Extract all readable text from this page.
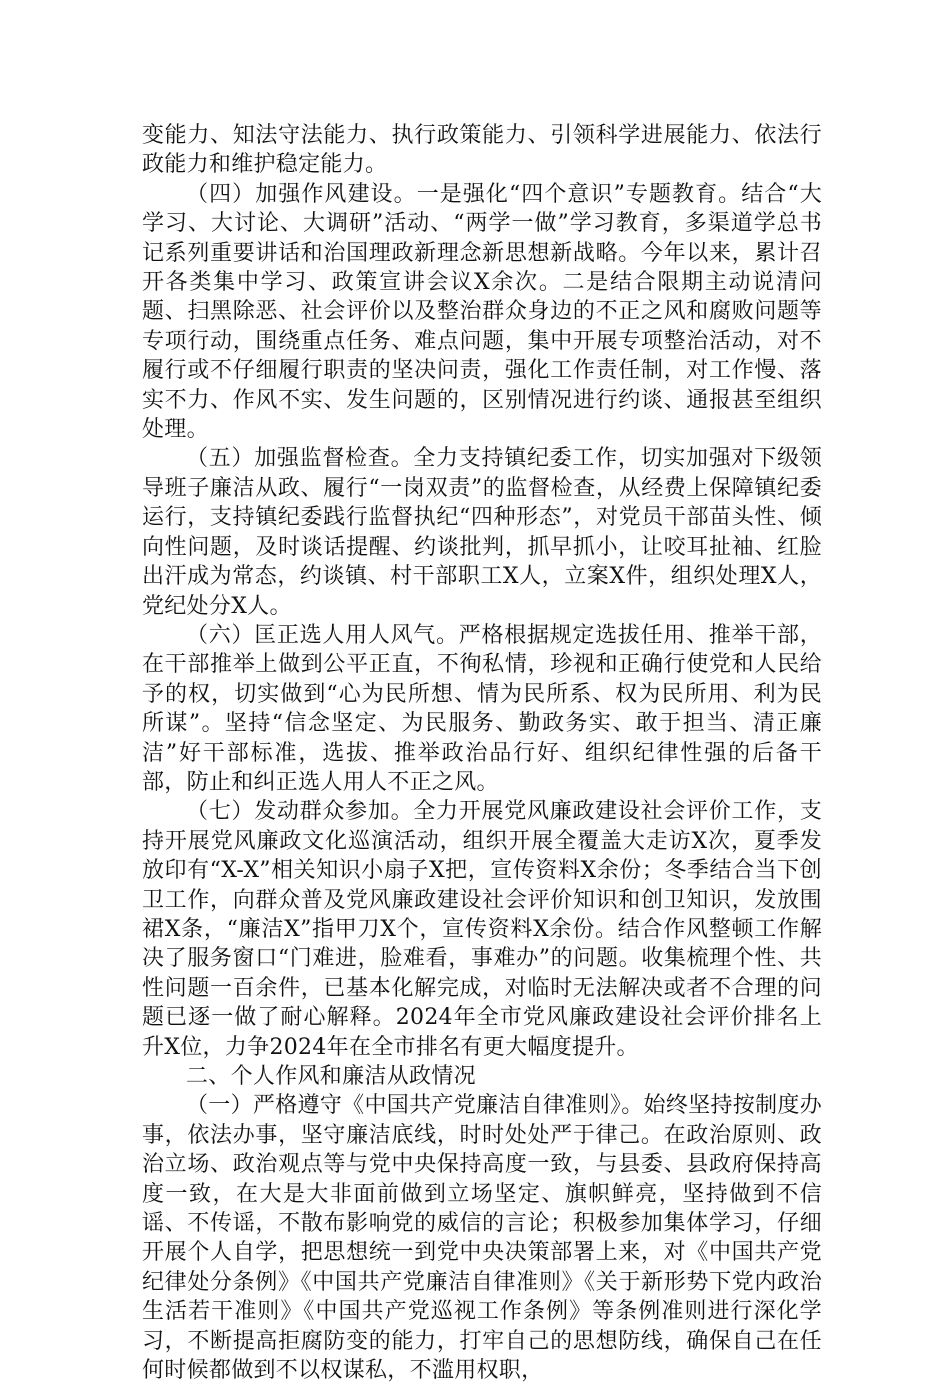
变能力、知法守法能力、执行政策能力、引领科学进展能力、依法行政能力和维护稳定能力。

（四）加强作风建设。一是强化“四个意识”专题教育。结合“大学习、大讨论、大调研”活动、“两学一做”学习教育，多渠道学总书记系列重要讲话和治国理政新理念新思想新战略。今年以来，累计召开各类集中学习、政策宣讲会议X余次。二是结合限期主动说清问题、扫黑除恶、社会评价以及整治群众身边的不正之风和腐败问题等专项行动，围绕重点任务、难点问题，集中开展专项整治活动，对不履行或不仔细履行职责的坚决问责，强化工作责任制，对工作慢、落实不力、作风不实、发生问题的，区别情况进行约谈、通报甚至组织处理。

（五）加强监督检查。全力支持镇纪委工作，切实加强对下级领导班子廉洁从政、履行“一岗双责”的监督检查，从经费上保障镇纪委运行，支持镇纪委践行监督执纪“四种形态”，对党员干部苗头性、倾向性问题，及时谈话提醒、约谈批判，抓早抓小，让咬耳扯袖、红脸出汗成为常态，约谈镇、村干部职工X人，立案X件，组织处理X人，党纪处分X人。

（六）匡正选人用人风气。严格根据规定选拔任用、推举干部，在干部推举上做到公平正直，不徇私情，珍视和正确行使党和人民给予的权，切实做到“心为民所想、情为民所系、权为民所用、利为民所谋”。坚持“信念坚定、为民服务、勤政务实、敢于担当、清正廉洁”好干部标准，选拔、推举政治品行好、组织纪律性强的后备干部，防止和纠正选人用人不正之风。

（七）发动群众参加。全力开展党风廉政建设社会评价工作，支持开展党风廉政文化巡演活动，组织开展全覆盖大走访X次，夏季发放印有“X-X”相关知识小扇子X把，宣传资料X余份；冬季结合当下创卫工作，向群众普及党风廉政建设社会评价知识和创卫知识，发放围裙X条，“廉洁X”指甲刀X个，宣传资料X余份。结合作风整顿工作解决了服务窗口“门难进，脸难看，事难办”的问题。收集梳理个性、共性问题一百余件，已基本化解完成，对临时无法解决或者不合理的问题已逐一做了耐心解释。2024年全市党风廉政建设社会评价排名上升X位，力争2024年在全市排名有更大幅度提升。

二、个人作风和廉洁从政情况

（一）严格遵守《中国共产党廉洁自律准则》。始终坚持按制度办事，依法办事，坚守廉洁底线，时时处处严于律己。在政治原则、政治立场、政治观点等与党中央保持高度一致，与县委、县政府保持高度一致，在大是大非面前做到立场坚定、旗帜鲜亮，坚持做到不信谣、不传谣，不散布影响党的威信的言论；积极参加集体学习，仔细开展个人自学，把思想统一到党中央决策部署上来，对《中国共产党纪律处分条例》《中国共产党廉洁自律准则》《关于新形势下党内政治生活若干准则》《中国共产党巡视工作条例》等条例准则进行深化学习，不断提高拒腐防变的能力，打牢自己的思想防线，确保自己在任何时候都做到不以权谋私，不滥用权职，
